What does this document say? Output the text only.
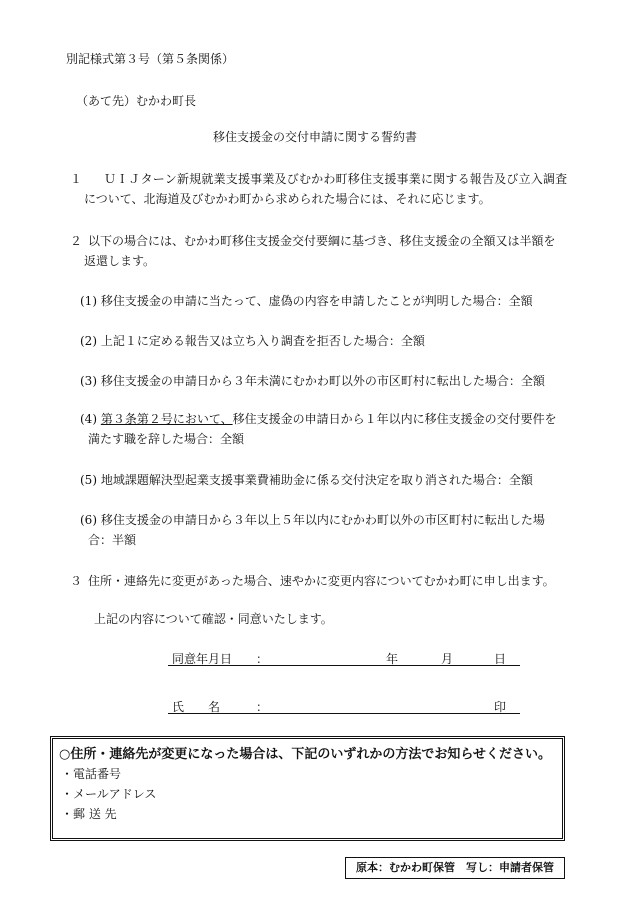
別記様式第３号（第５条関係）
（あて先）むかわ町長
移住支援金の交付申請に関する誓約書
１ ＵＩＪターン新規就業支援事業及びむかわ町移住支援事業に関する報告及び立入調査
について、北海道及びむかわ町から求められた場合には、それに応じます。
２ 以下の場合には、むかわ町移住支援金交付要綱に基づき、移住支援金の全額又は半額を
返還します。
(1) 移住支援金の申請に当たって、虚偽の内容を申請したことが判明した場合：全額
(2) 上記１に定める報告又は立ち入り調査を拒否した場合：全額
(3) 移住支援金の申請日から３年未満にむかわ町以外の市区町村に転出した場合：全額
(4) 第３条第２号において、移住支援金の申請日から１年以内に移住支援金の交付要件を
満たす職を辞した場合：全額
(5) 地域課題解決型起業支援事業費補助金に係る交付決定を取り消された場合：全額
(6) 移住支援金の申請日から３年以上５年以内にむかわ町以外の市区町村に転出した場
合：半額
３ 住所・連絡先に変更があった場合、速やかに変更内容についてむかわ町に申し出ます。
上記の内容について確認・同意いたします。
同意年月日 ：	年	月	日
氏　　名	：	印
○住所・連絡先が変更になった場合は、下記のいずれかの方法でお知らせください。
・電話番号
・メールアドレス
・郵 送 先
原本：むかわ町保管　写し：申請者保管
